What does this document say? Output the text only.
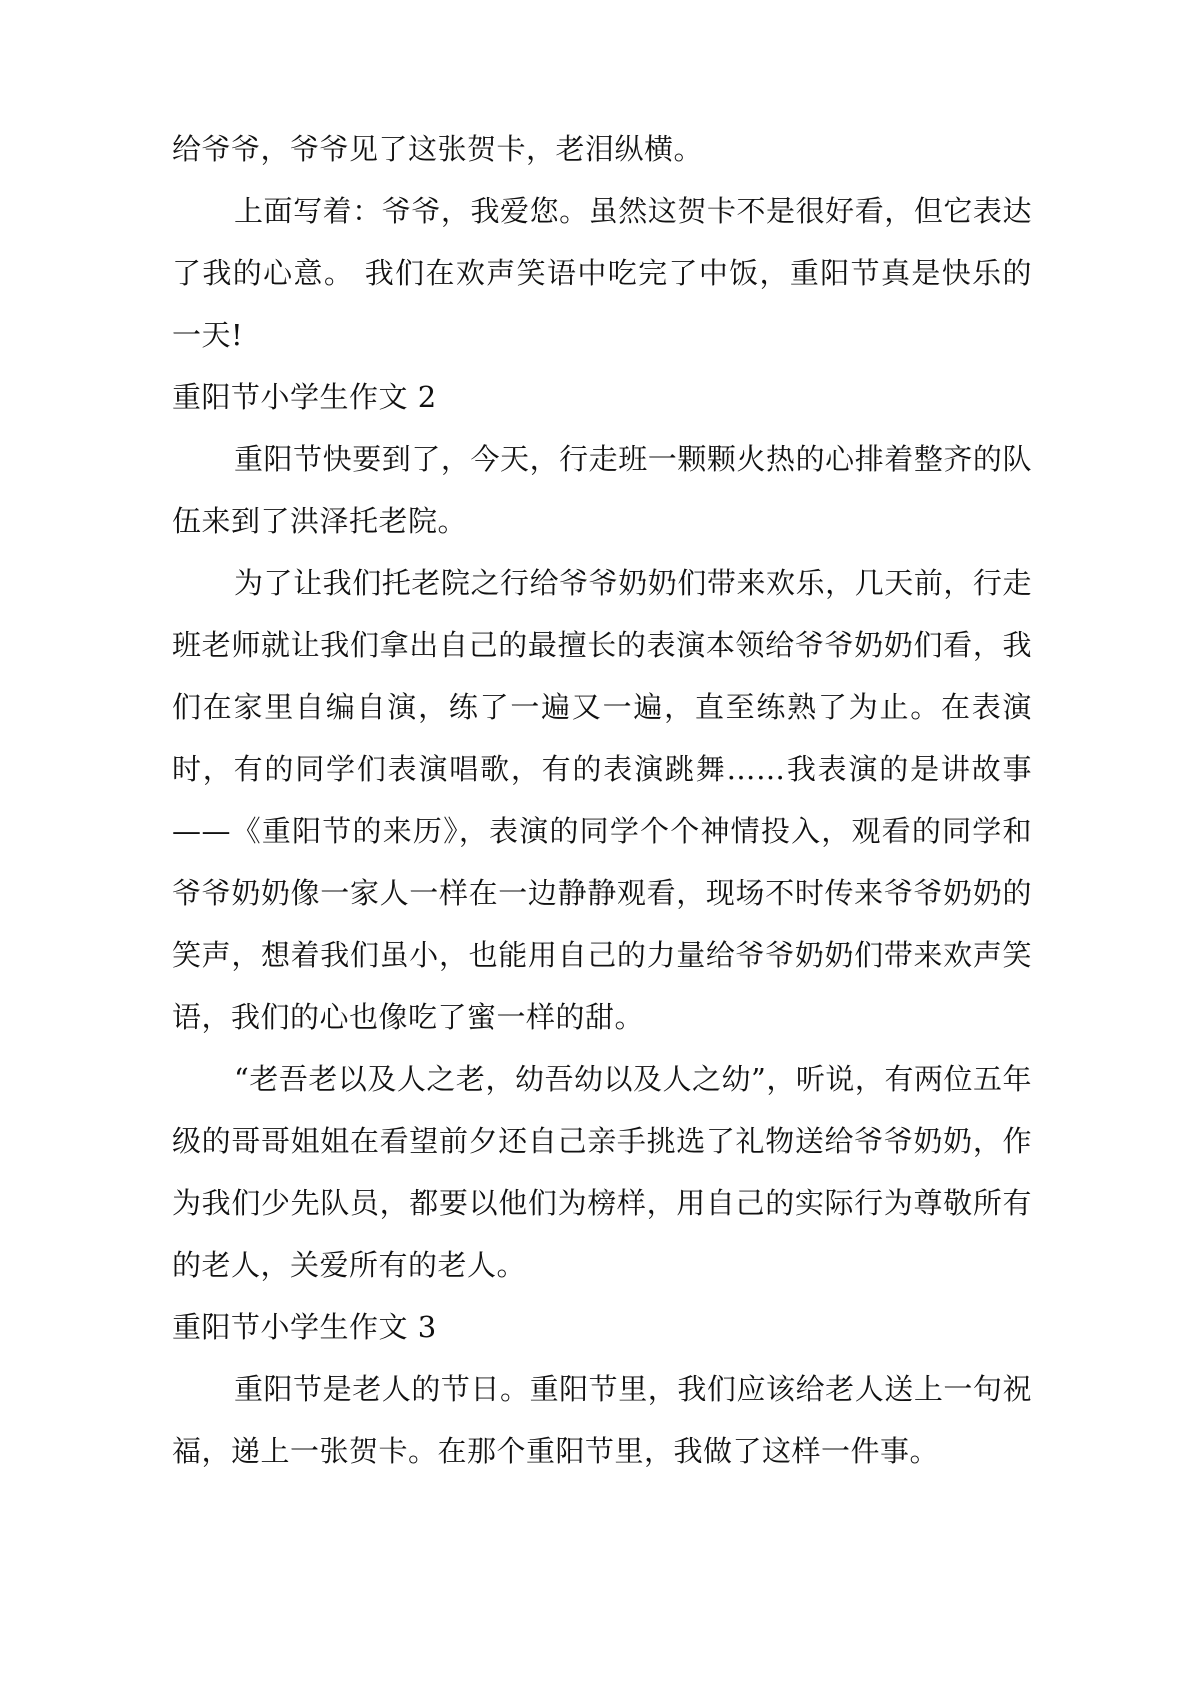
给爷爷，爷爷见了这张贺卡，老泪纵横。

上面写着：爷爷，我爱您。虽然这贺卡不是很好看，但它表达了我的心意。 我们在欢声笑语中吃完了中饭，重阳节真是快乐的一天!

重阳节小学生作文 2

重阳节快要到了，今天，行走班一颗颗火热的心排着整齐的队伍来到了洪泽托老院。

为了让我们托老院之行给爷爷奶奶们带来欢乐，几天前，行走班老师就让我们拿出自己的最擅长的表演本领给爷爷奶奶们看，我们在家里自编自演，练了一遍又一遍，直至练熟了为止。在表演时，有的同学们表演唱歌，有的表演跳舞……我表演的是讲故事——《重阳节的来历》，表演的同学个个神情投入，观看的同学和爷爷奶奶像一家人一样在一边静静观看，现场不时传来爷爷奶奶的笑声，想着我们虽小，也能用自己的力量给爷爷奶奶们带来欢声笑语，我们的心也像吃了蜜一样的甜。

“老吾老以及人之老，幼吾幼以及人之幼”，听说，有两位五年级的哥哥姐姐在看望前夕还自己亲手挑选了礼物送给爷爷奶奶，作为我们少先队员，都要以他们为榜样，用自己的实际行为尊敬所有的老人，关爱所有的老人。

重阳节小学生作文 3

重阳节是老人的节日。重阳节里，我们应该给老人送上一句祝福，递上一张贺卡。在那个重阳节里，我做了这样一件事。
